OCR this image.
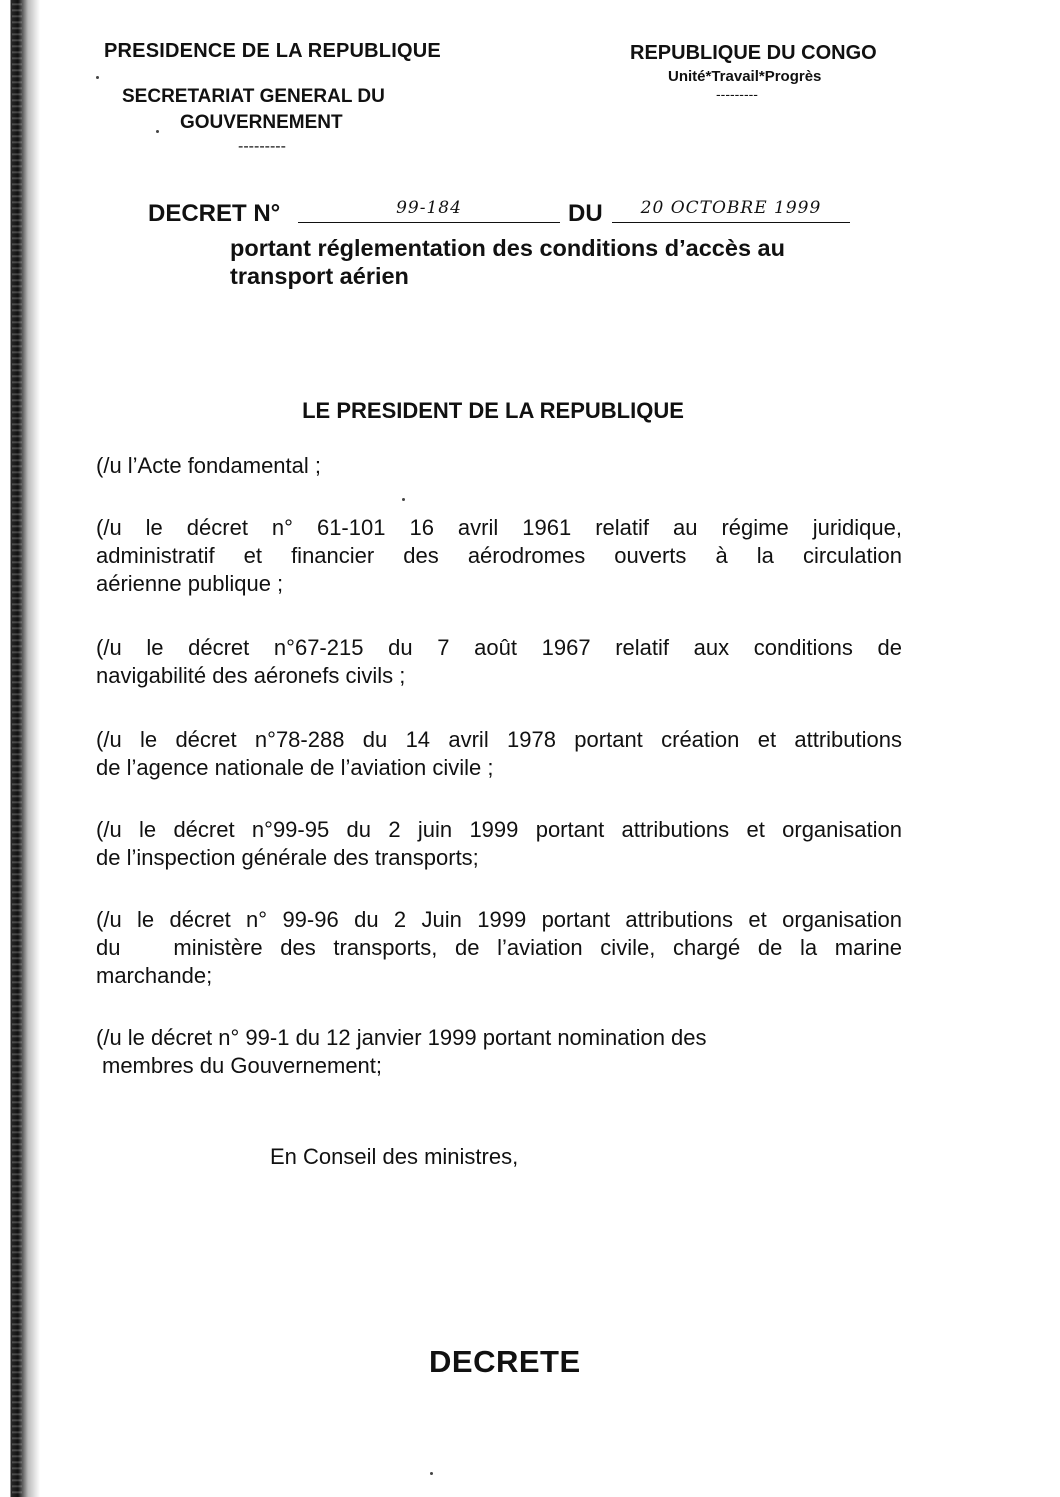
PRESIDENCE DE LA REPUBLIQUE
SECRETARIAT GENERAL DU
GOUVERNEMENT
---------
REPUBLIQUE DU CONGO
Unité*Travail*Progrès
---------
DECRET N°	99-184	DU	20 OCTOBRE 1999
portant réglementation des conditions d’accès au
transport aérien
LE PRESIDENT DE LA REPUBLIQUE
(/u l’Acte fondamental ;
(/u le décret n° 61-101 16 avril 1961 relatif au régime juridique,
administratif et financier des aérodromes ouverts à la circulation
aérienne publique ;
(/u le décret n°67-215 du 7 août 1967 relatif aux conditions de
navigabilité des aéronefs civils ;
(/u le décret n°78-288 du 14 avril 1978 portant création et attributions
de l’agence nationale de l’aviation civile ;
(/u le décret n°99-95 du 2 juin 1999 portant attributions et organisation
de l’inspection générale des transports;
(/u le décret n° 99-96 du 2 Juin 1999 portant attributions et organisation
du   ministère des transports, de l’aviation civile, chargé de la marine
marchande;
(/u le décret n° 99-1 du 12 janvier 1999 portant nomination des
membres du Gouvernement;
En Conseil des ministres,
DECRETE
